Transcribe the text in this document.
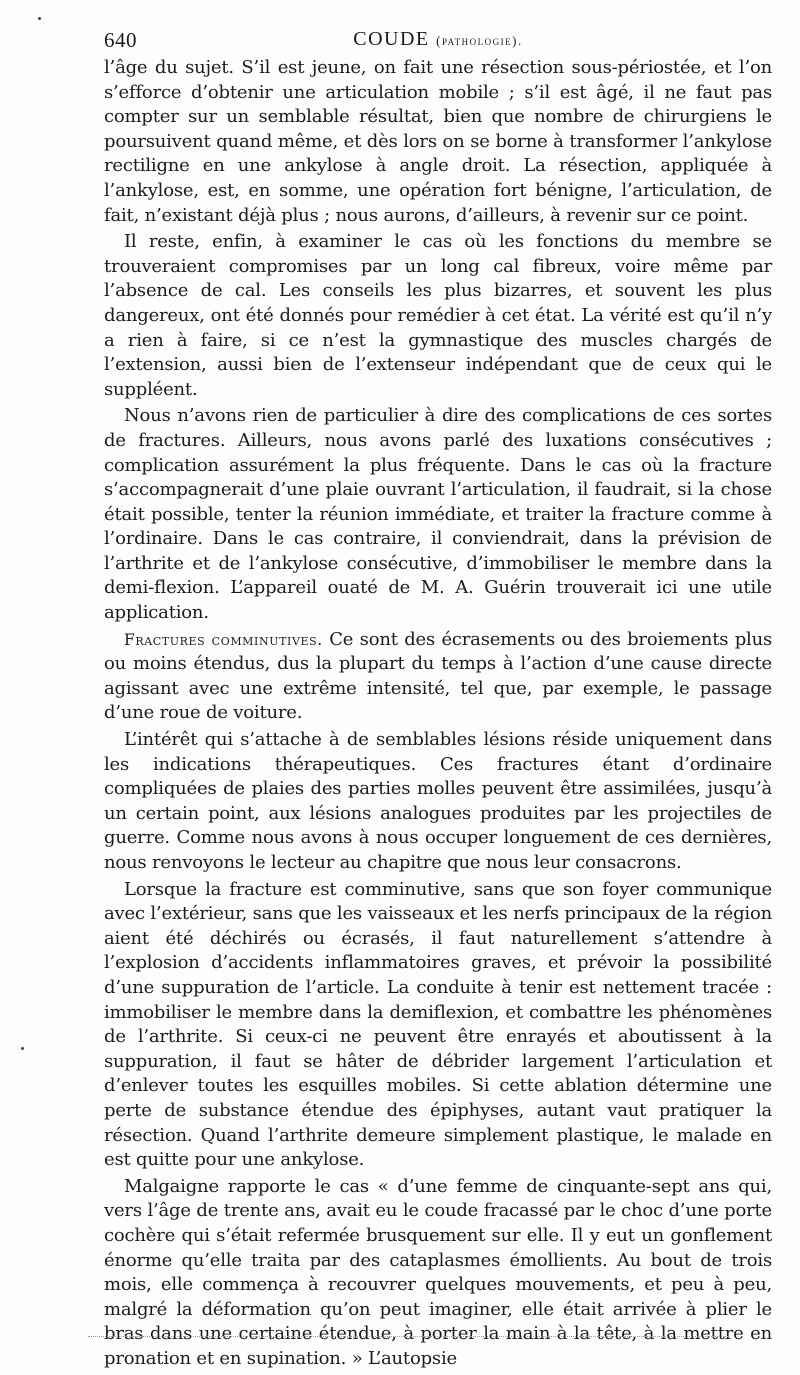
640	COUDE (pathologie).

l’âge du sujet. S’il est jeune, on fait une résection sous-périostée, et l’on s’efforce d’obtenir une articulation mobile ; s’il est âgé, il ne faut pas compter sur un semblable résultat, bien que nombre de chirurgiens le poursuivent quand même, et dès lors on se borne à transformer l’ankylose rectiligne en une ankylose à angle droit. La résection, appliquée à l’ankylose, est, en somme, une opération fort bénigne, l’articulation, de fait, n’existant déjà plus ; nous aurons, d’ailleurs, à revenir sur ce point.

Il reste, enfin, à examiner le cas où les fonctions du membre se trouveraient compromises par un long cal fibreux, voire même par l’absence de cal. Les conseils les plus bizarres, et souvent les plus dangereux, ont été donnés pour remédier à cet état. La vérité est qu’il n’y a rien à faire, si ce n’est la gymnastique des muscles chargés de l’extension, aussi bien de l’extenseur indépendant que de ceux qui le suppléent.

Nous n’avons rien de particulier à dire des complications de ces sortes de fractures. Ailleurs, nous avons parlé des luxations consécutives ; complication assurément la plus fréquente. Dans le cas où la fracture s’accompagnerait d’une plaie ouvrant l’articulation, il faudrait, si la chose était possible, tenter la réunion immédiate, et traiter la fracture comme à l’ordinaire. Dans le cas contraire, il conviendrait, dans la prévision de l’arthrite et de l’ankylose consécutive, d’immobiliser le membre dans la demi-flexion. L’appareil ouaté de M. A. Guérin trouverait ici une utile application.

Fractures comminutives. Ce sont des écrasements ou des broiements plus ou moins étendus, dus la plupart du temps à l’action d’une cause directe agissant avec une extrême intensité, tel que, par exemple, le passage d’une roue de voiture.

L’intérêt qui s’attache à de semblables lésions réside uniquement dans les indications thérapeutiques. Ces fractures étant d’ordinaire compliquées de plaies des parties molles peuvent être assimilées, jusqu’à un certain point, aux lésions analogues produites par les projectiles de guerre. Comme nous avons à nous occuper longuement de ces dernières, nous renvoyons le lecteur au chapitre que nous leur consacrons.

Lorsque la fracture est comminutive, sans que son foyer communique avec l’extérieur, sans que les vaisseaux et les nerfs principaux de la région aient été déchirés ou écrasés, il faut naturellement s’attendre à l’explosion d’accidents inflammatoires graves, et prévoir la possibilité d’une suppuration de l’article. La conduite à tenir est nettement tracée : immobiliser le membre dans la demiflexion, et combattre les phénomènes de l’arthrite. Si ceux-ci ne peuvent être enrayés et aboutissent à la suppuration, il faut se hâter de débrider largement l’articulation et d’enlever toutes les esquilles mobiles. Si cette ablation détermine une perte de substance étendue des épiphyses, autant vaut pratiquer la résection. Quand l’arthrite demeure simplement plastique, le malade en est quitte pour une ankylose.

Malgaigne rapporte le cas « d’une femme de cinquante-sept ans qui, vers l’âge de trente ans, avait eu le coude fracassé par le choc d’une porte cochère qui s’était refermée brusquement sur elle. Il y eut un gonflement énorme qu’elle traita par des cataplasmes émollients. Au bout de trois mois, elle commença à recouvrer quelques mouvements, et peu à peu, malgré la déformation qu’on peut imaginer, elle était arrivée à plier le bras dans une certaine étendue, à porter la main à la tête, à la mettre en pronation et en supination. » L’autopsie
